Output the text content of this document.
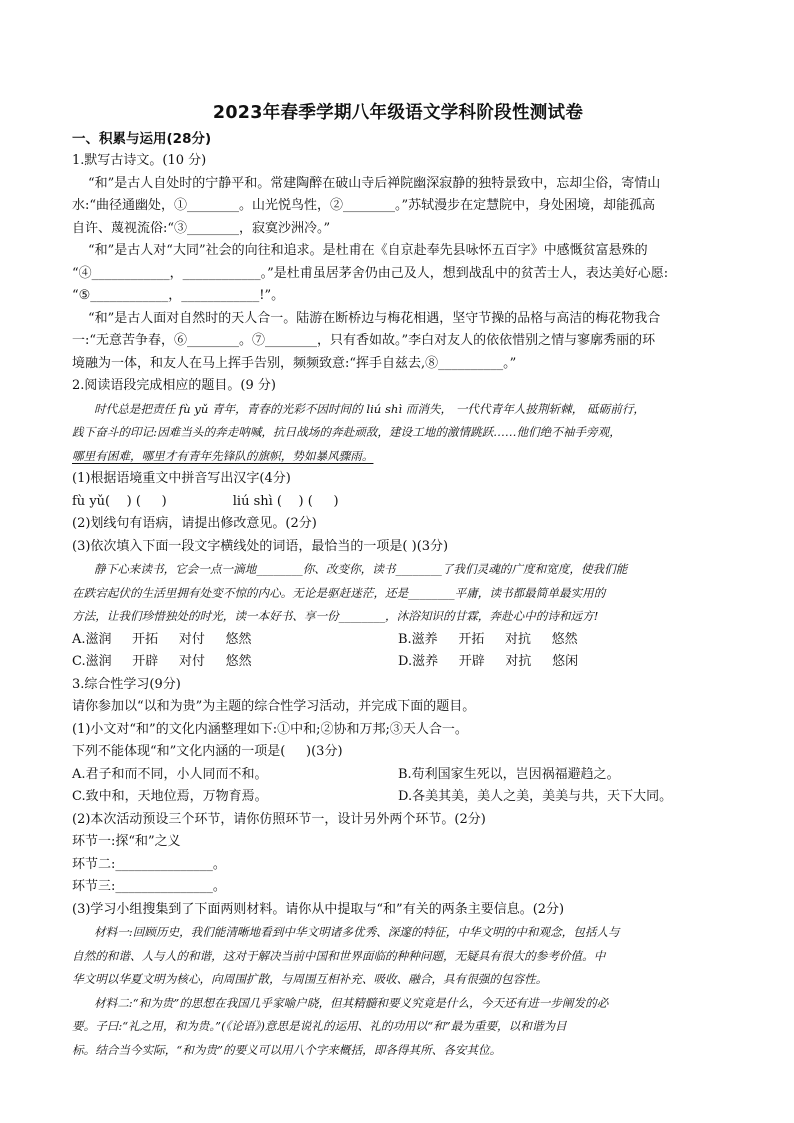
2023年春季学期八年级语文学科阶段性测试卷
一、积累与运用(28分)
1.默写古诗文。(10 分)
“和”是古人自处时的宁静平和。常建陶醉在破山寺后禅院幽深寂静的独特景致中，忘却尘俗，寄情山
水:“曲径通幽处，①________。山光悦鸟性，②________。”苏轼漫步在定慧院中，身处困境，却能孤高
自许、蔑视流俗:“③________，寂寞沙洲冷。”
“和”是古人对“大同”社会的向往和追求。是杜甫在《自京赴奉先县咏怀五百字》中感慨贫富悬殊的
“④____________，____________。”是杜甫虽居茅舍仍由己及人，想到战乱中的贫苦士人，表达美好心愿:
“⑤____________，____________!”。
“和”是古人面对自然时的天人合一。陆游在断桥边与梅花相遇，坚守节操的品格与高洁的梅花物我合
一:“无意苦争春，⑥________。⑦________，只有香如故。”李白对友人的依依惜别之情与寥廓秀丽的环
境融为一体，和友人在马上挥手告别，频频致意:“挥手自兹去,⑧__________。”
2.阅读语段完成相应的题目。(9 分)
时代总是把责任 fù yǔ 青年，青春的光彩不因时间的 liú shì 而消失， 一代代青年人披荆斩棘， 砥砺前行，
践下奋斗的印记:因难当头的奔走呐喊，抗日战场的奔赴顽敌，建设工地的激情跳跃……他们绝不袖手旁观，
哪里有困难，哪里才有青年先锋队的旗帜，势如暴风骤雨。
(1)根据语境重文中拼音写出汉字(4分)
fù yǔ(    ) (     )                liú shì (    ) (     )
(2)划线句有语病，请提出修改意见。(2分)
(3)依次填入下面一段文字横线处的词语，最恰当的一项是( )(3分)
静下心来读书，它会一点一滴地________你、改变你，读书________了我们灵魂的广度和宽度，使我们能
在跌宕起伏的生活里拥有处变不惊的内心。无论是驱赶迷茫，还是________平庸，读书都最简单最实用的
方法，让我们珍惜独处的时光，读一本好书、享一份________，沐浴知识的甘霖，奔赴心中的诗和远方!
A.滋润     开拓     对付     悠然	B.滋养     开拓     对抗     悠然
C.滋润     开辟     对付     悠然	D.滋养     开辟     对抗     悠闲
3.综合性学习(9分)
请你参加以“以和为贵”为主题的综合性学习活动，并完成下面的题目。
(1)小文对“和”的文化内涵整理如下:①中和;②协和万邦;③天人合一。
下列不能体现“和”文化内涵的一项是(     )(3分)
A.君子和而不同，小人同而不和。	B.苟利国家生死以，岂因祸福避趋之。
C.致中和，天地位焉，万物育焉。	D.各美其美，美人之美，美美与共，天下大同。
(2)本次活动预设三个环节，请你仿照环节一，设计另外两个环节。(2分)
环节一:探“和”之义
环节二:_______________。
环节三:_______________。
(3)学习小组搜集到了下面两则材料。请你从中提取与“和”有关的两条主要信息。(2分)
材料一:回顾历史，我们能清晰地看到中华文明诸多优秀、深邃的特征，中华文明的中和观念，包括人与
自然的和谐、人与人的和谐，这对于解决当前中国和世界面临的种种问题，无疑具有很大的参考价值。中
华文明以华夏文明为核心，向周围扩散，与周围互相补充、吸收、融合，具有很强的包容性。
材料二:“和为贵”的思想在我国几乎家喻户晓，但其精髓和要义究竟是什么，今天还有进一步阐发的必
要。子曰:“礼之用，和为贵。”(《论语》)意思是说礼的运用、礼的功用以“和”最为重要，以和谐为目
标。结合当今实际，“和为贵”的要义可以用八个字来概括，即各得其所、各安其位。
